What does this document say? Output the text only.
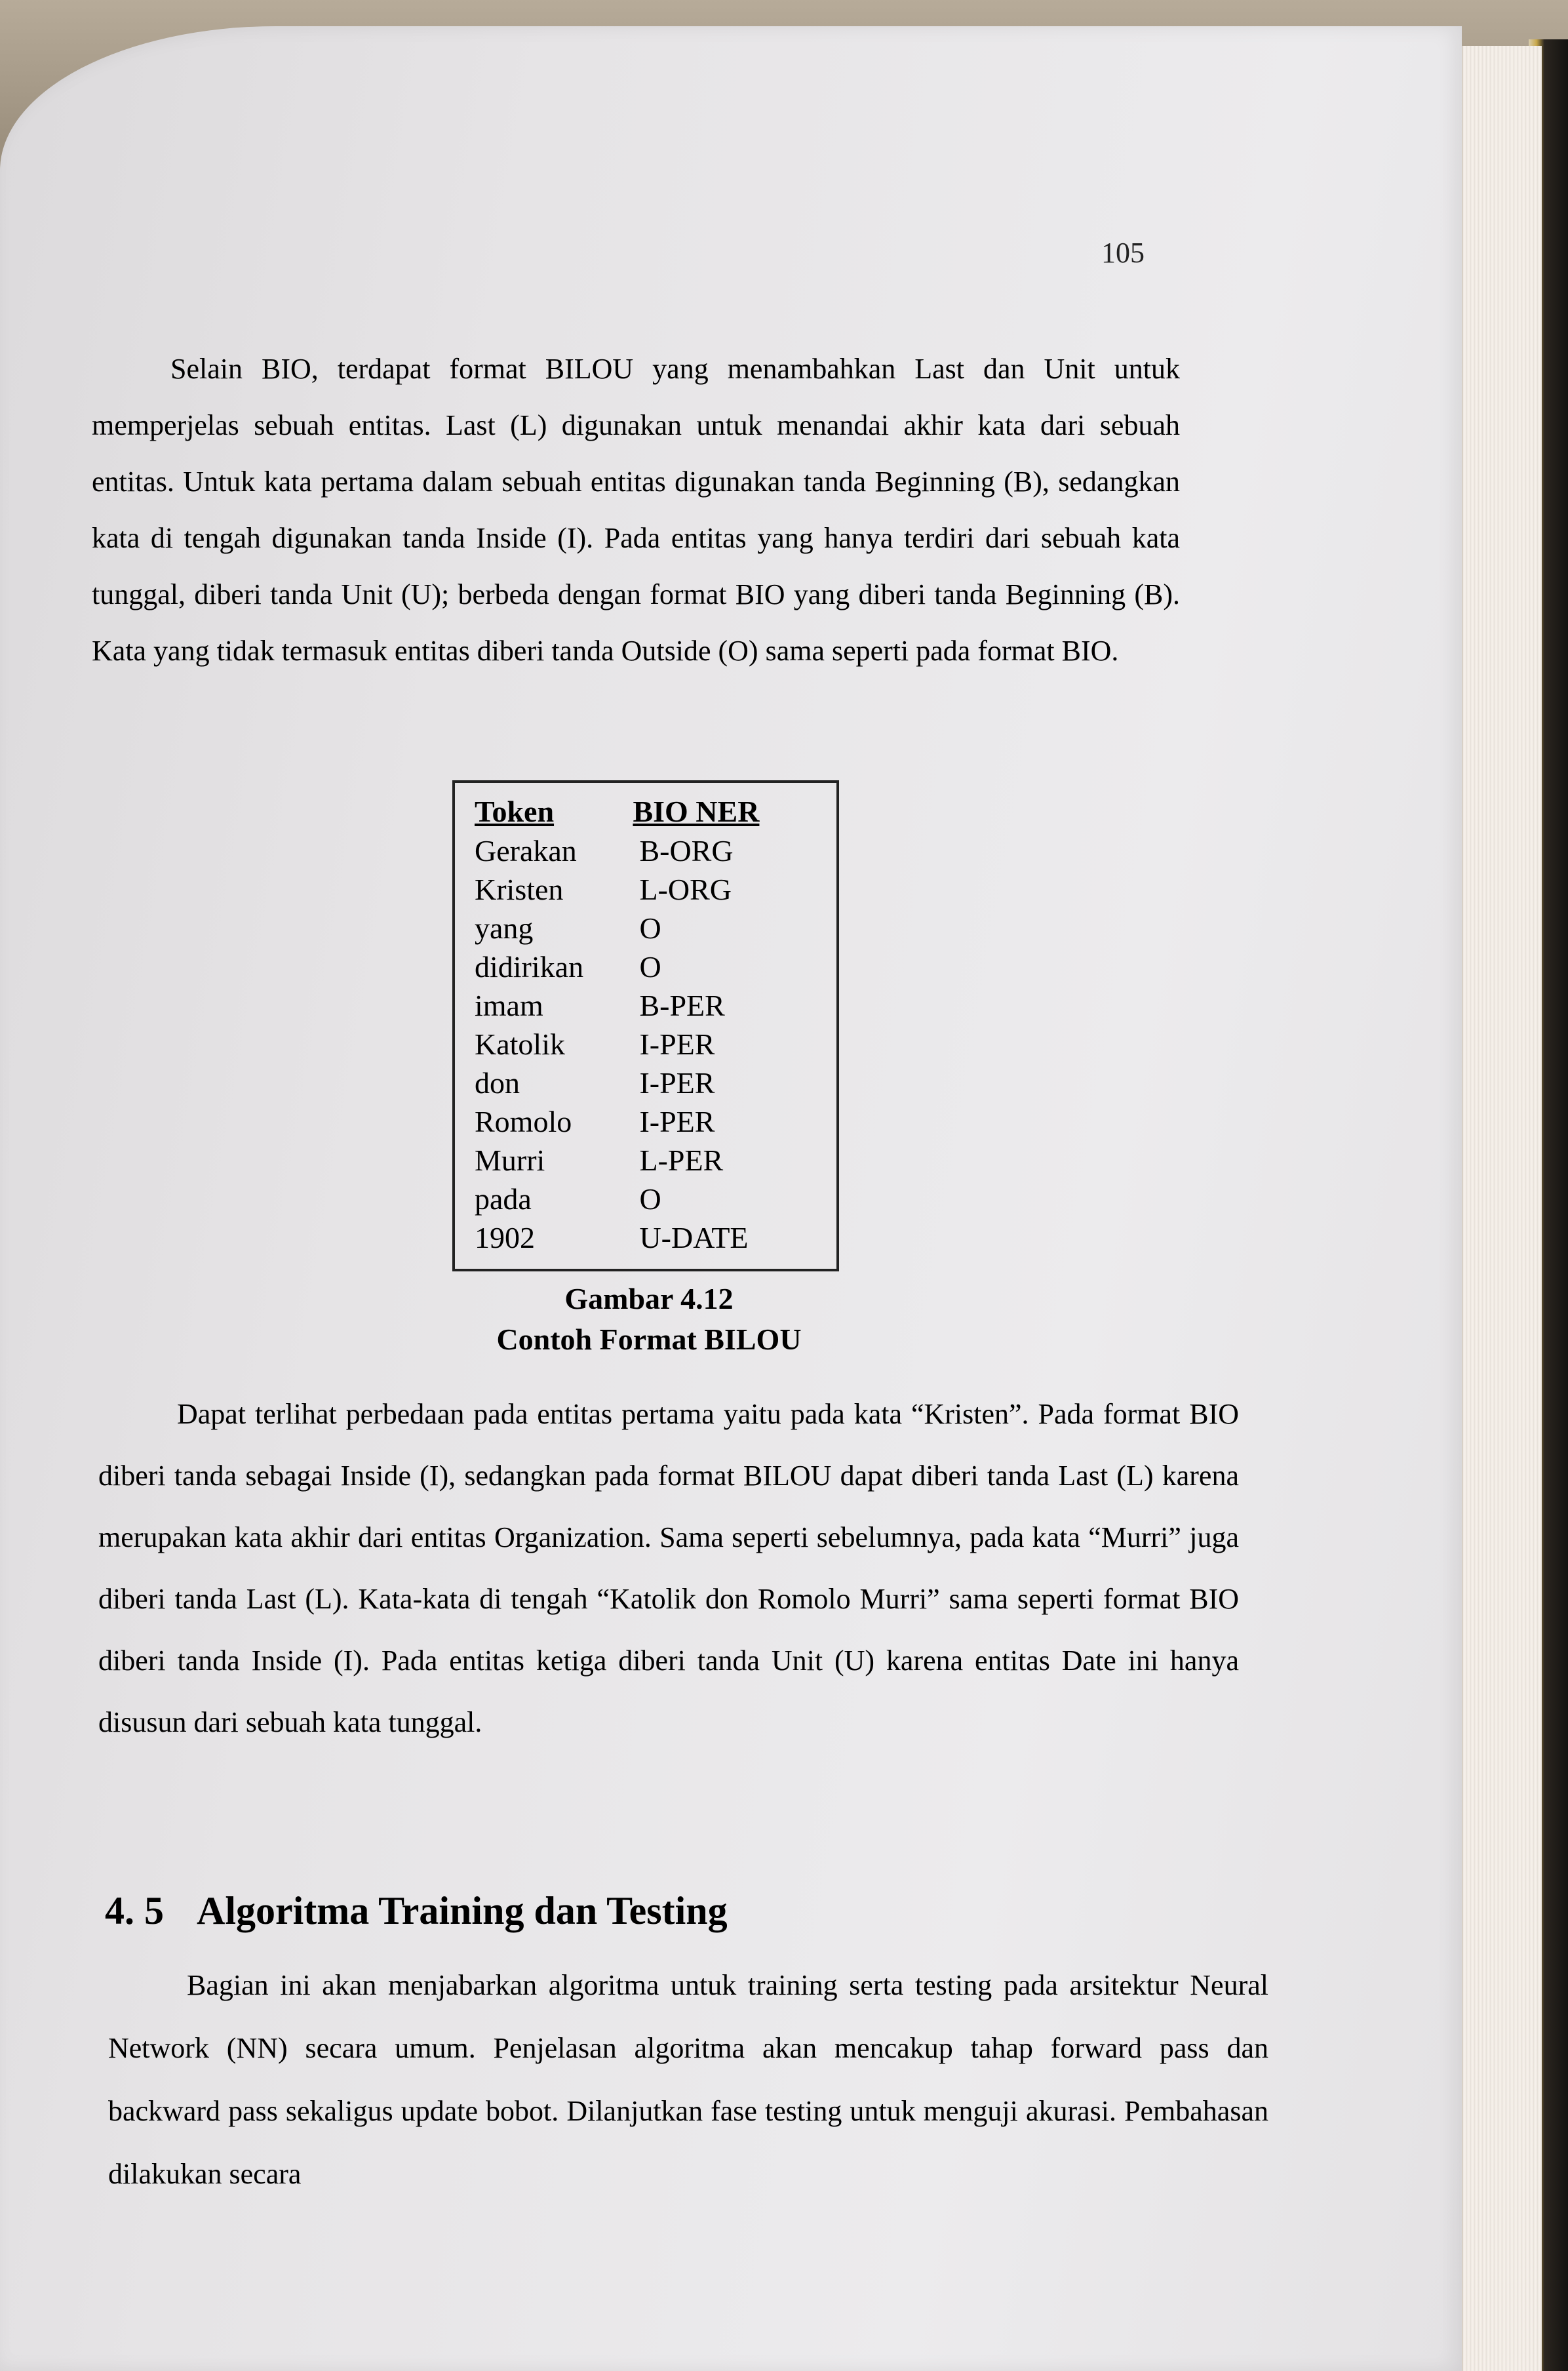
105

Selain BIO, terdapat format BILOU yang menambahkan Last dan Unit untuk memperjelas sebuah entitas. Last (L) digunakan untuk menandai akhir kata dari sebuah entitas. Untuk kata pertama dalam sebuah entitas digunakan tanda Beginning (B), sedangkan kata di tengah digunakan tanda Inside (I). Pada entitas yang hanya terdiri dari sebuah kata tunggal, diberi tanda Unit (U); berbeda dengan format BIO yang diberi tanda Beginning (B). Kata yang tidak termasuk entitas diberi tanda Outside (O) sama seperti pada format BIO.

Token	BIO NER
Gerakan	B-ORG
Kristen	L-ORG
yang	O
didirikan	O
imam	B-PER
Katolik	I-PER
don	I-PER
Romolo	I-PER
Murri	L-PER
pada	O
1902	U-DATE
Gambar 4.12
Contoh Format BILOU

Dapat terlihat perbedaan pada entitas pertama yaitu pada kata “Kristen”. Pada format BIO diberi tanda sebagai Inside (I), sedangkan pada format BILOU dapat diberi tanda Last (L) karena merupakan kata akhir dari entitas Organization. Sama seperti sebelumnya, pada kata “Murri” juga diberi tanda Last (L). Kata-kata di tengah “Katolik don Romolo Murri” sama seperti format BIO diberi tanda Inside (I). Pada entitas ketiga diberi tanda Unit (U) karena entitas Date ini hanya disusun dari sebuah kata tunggal.

4. 5 Algoritma Training dan Testing

Bagian ini akan menjabarkan algoritma untuk training serta testing pada arsitektur Neural Network (NN) secara umum. Penjelasan algoritma akan mencakup tahap forward pass dan backward pass sekaligus update bobot. Dilanjutkan fase testing untuk menguji akurasi. Pembahasan dilakukan secara
